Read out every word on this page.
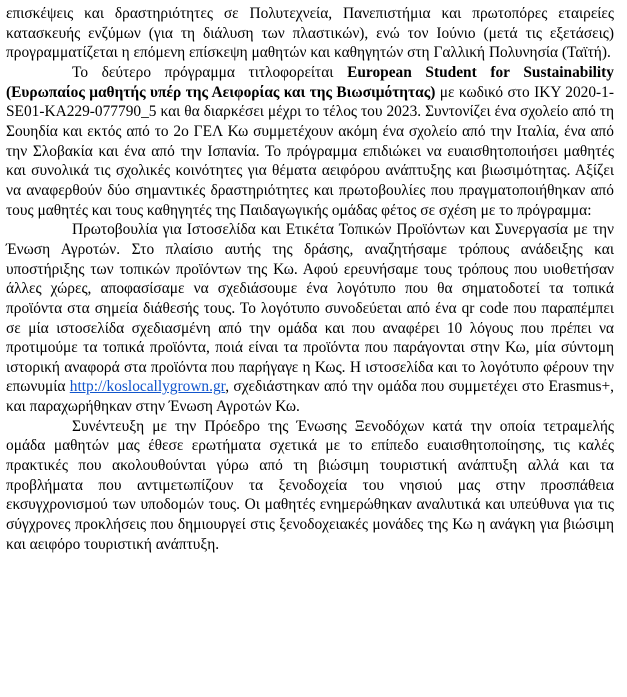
επισκέψεις και δραστηριότητες σε Πολυτεχνεία, Πανεπιστήμια και πρωτοπόρες εταιρείες κατασκευής ενζύμων (για τη διάλυση των πλαστικών), ενώ τον Ιούνιο (μετά τις εξετάσεις) προγραμματίζεται η επόμενη επίσκεψη μαθητών και καθηγητών στη Γαλλική Πολυνησία (Ταϊτή).

Το δεύτερο πρόγραμμα τιτλοφορείται European Student for Sustainability (Ευρωπαίος μαθητής υπέρ της Αειφορίας και της Βιωσιμότητας) με κωδικό στο ΙΚΥ 2020-1-SE01-KA229-077790_5 και θα διαρκέσει μέχρι το τέλος του 2023. Συντονίζει ένα σχολείο από τη Σουηδία και εκτός από το 2ο ΓΕΛ Κω συμμετέχουν ακόμη ένα σχολείο από την Ιταλία, ένα από την Σλοβακία και ένα από την Ισπανία. Το πρόγραμμα επιδιώκει να ευαισθητοποιήσει μαθητές και συνολικά τις σχολικές κοινότητες για θέματα αειφόρου ανάπτυξης και βιωσιμότητας. Αξίζει να αναφερθούν δύο σημαντικές δραστηριότητες και πρωτοβουλίες που πραγματοποιήθηκαν από τους μαθητές και τους καθηγητές της Παιδαγωγικής ομάδας φέτος σε σχέση με το πρόγραμμα:

Πρωτοβουλία για Ιστοσελίδα και Ετικέτα Τοπικών Προϊόντων και Συνεργασία με την Ένωση Αγροτών. Στο πλαίσιο αυτής της δράσης, αναζητήσαμε τρόπους ανάδειξης και υποστήριξης των τοπικών προϊόντων της Κω. Αφού ερευνήσαμε τους τρόπους που υιοθετήσαν άλλες χώρες, αποφασίσαμε να σχεδιάσουμε ένα λογότυπο που θα σηματοδοτεί τα τοπικά προϊόντα στα σημεία διάθεσής τους. Το λογότυπο συνοδεύεται από ένα qr code που παραπέμπει σε μία ιστοσελίδα σχεδιασμένη από την ομάδα και που αναφέρει 10 λόγους που πρέπει να προτιμούμε τα τοπικά προϊόντα, ποιά είναι τα προϊόντα που παράγονται στην Κω, μία σύντομη ιστορική αναφορά στα προϊόντα που παρήγαγε η Κως. Η ιστοσελίδα και το λογότυπο φέρουν την επωνυμία http://koslocallygrown.gr, σχεδιάστηκαν από την ομάδα που συμμετέχει στο Erasmus+, και παραχωρήθηκαν στην Ένωση Αγροτών Κω.

Συνέντευξη με την Πρόεδρο της Ένωσης Ξενοδόχων κατά την οποία τετραμελής ομάδα μαθητών μας έθεσε ερωτήματα σχετικά με το επίπεδο ευαισθητοποίησης, τις καλές πρακτικές που ακολουθούνται γύρω από τη βιώσιμη τουριστική ανάπτυξη αλλά και τα προβλήματα που αντιμετωπίζουν τα ξενοδοχεία του νησιού μας στην προσπάθεια εκσυγχρονισμού των υποδομών τους. Οι μαθητές ενημερώθηκαν αναλυτικά και υπεύθυνα για τις σύγχρονες προκλήσεις που δημιουργεί στις ξενοδοχειακές μονάδες της Κω η ανάγκη για βιώσιμη και αειφόρο τουριστική ανάπτυξη.
